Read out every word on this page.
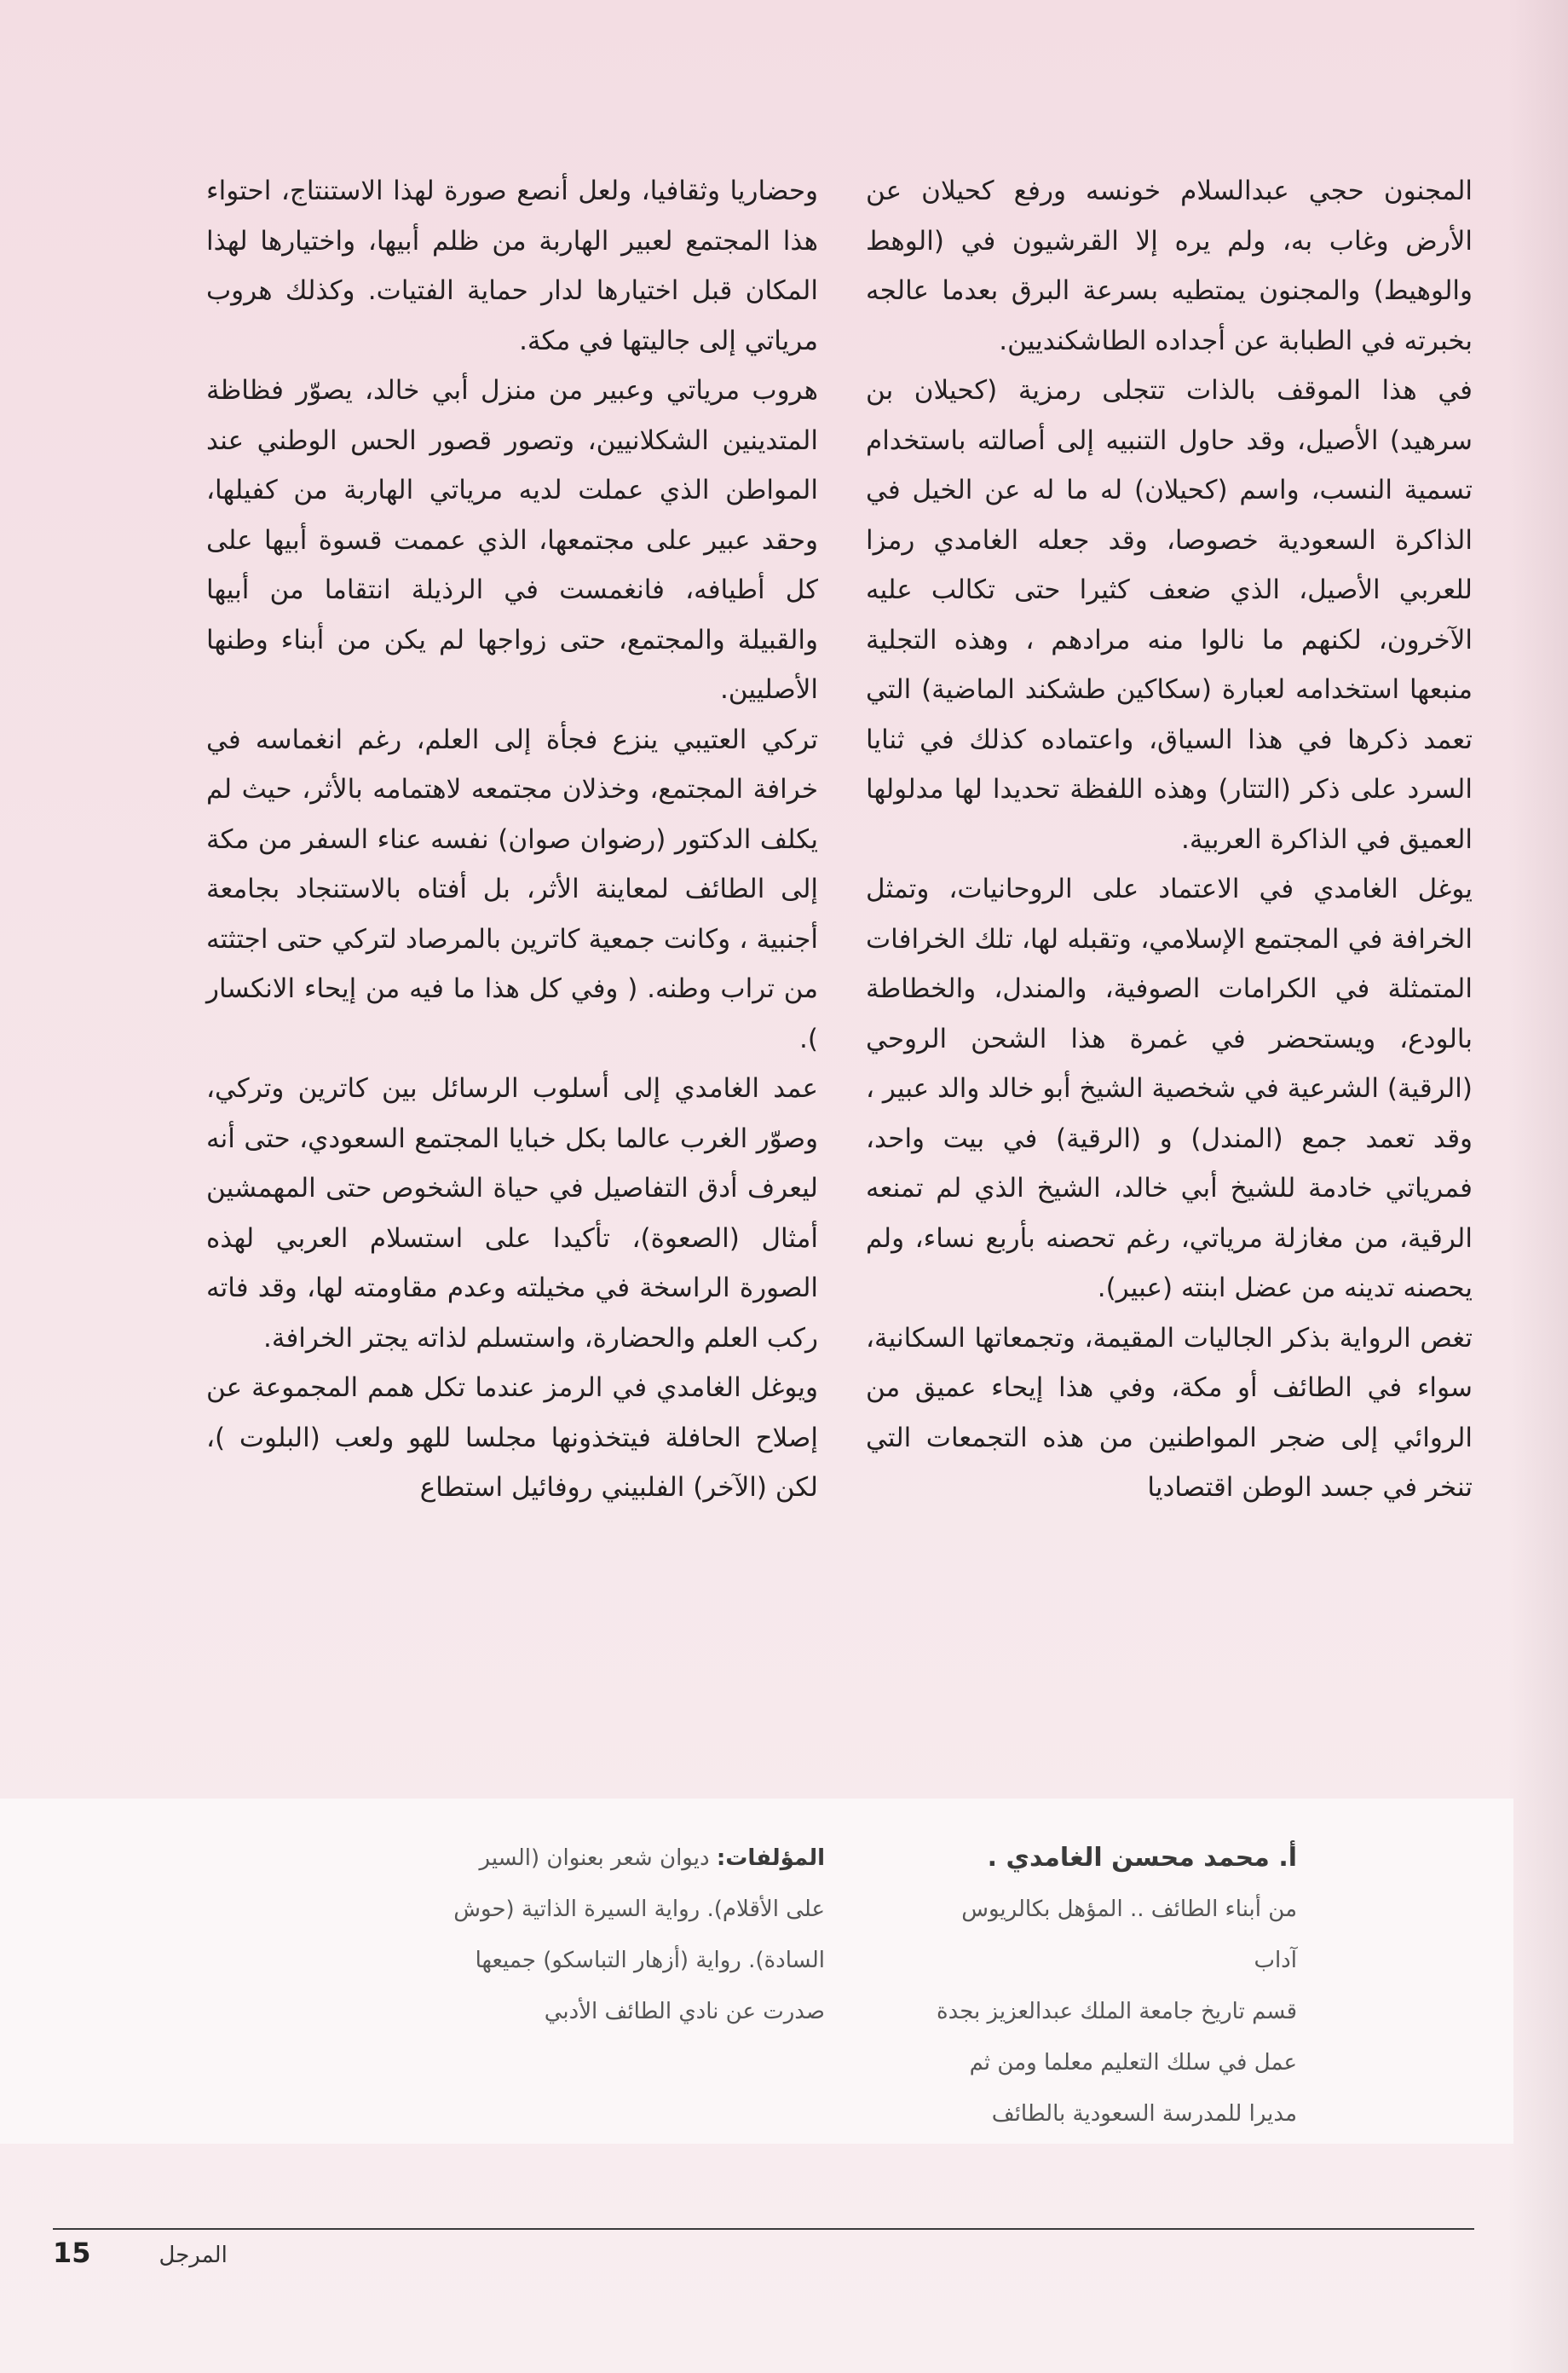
المجنون حجي عبدالسلام خونسه ورفع كحيلان عن الأرض وغاب به، ولم يره إلا القرشيون في (الوهط والوهيط) والمجنون يمتطيه بسرعة البرق بعدما عالجه بخبرته في الطبابة عن أجداده الطاشكنديين.

في هذا الموقف بالذات تتجلى رمزية (كحيلان بن سرهيد) الأصيل، وقد حاول التنبيه إلى أصالته باستخدام تسمية النسب، واسم (كحيلان) له ما له عن الخيل في الذاكرة السعودية خصوصا، وقد جعله الغامدي رمزا للعربي الأصيل، الذي ضعف كثيرا حتى تكالب عليه الآخرون، لكنهم ما نالوا منه مرادهم ، وهذه التجلية منبعها استخدامه لعبارة (سكاكين طشكند الماضية) التي تعمد ذكرها في هذا السياق، واعتماده كذلك في ثنايا السرد على ذكر (التتار) وهذه اللفظة تحديدا لها مدلولها العميق في الذاكرة العربية.

يوغل الغامدي في الاعتماد على الروحانيات، وتمثل الخرافة في المجتمع الإسلامي، وتقبله لها، تلك الخرافات المتمثلة في الكرامات الصوفية، والمندل، والخطاطة بالودع، ويستحضر في غمرة هذا الشحن الروحي (الرقية) الشرعية في شخصية الشيخ أبو خالد والد عبير ، وقد تعمد جمع (المندل) و (الرقية) في بيت واحد، فمرياتي خادمة للشيخ أبي خالد، الشيخ الذي لم تمنعه الرقية، من مغازلة مرياتي، رغم تحصنه بأربع نساء، ولم يحصنه تدينه من عضل ابنته (عبير).

تغص الرواية بذكر الجاليات المقيمة، وتجمعاتها السكانية، سواء في الطائف أو مكة، وفي هذا إيحاء عميق من الروائي إلى ضجر المواطنين من هذه التجمعات التي تنخر في جسد الوطن اقتصاديا

وحضاريا وثقافيا، ولعل أنصع صورة لهذا الاستنتاج، احتواء هذا المجتمع لعبير الهاربة من ظلم أبيها، واختيارها لهذا المكان قبل اختيارها لدار حماية الفتيات. وكذلك هروب مرياتي إلى جاليتها في مكة.

هروب مرياتي وعبير من منزل أبي خالد، يصوّر فظاظة المتدينين الشكلانيين، وتصور قصور الحس الوطني عند المواطن الذي عملت لديه مرياتي الهاربة من كفيلها، وحقد عبير على مجتمعها، الذي عممت قسوة أبيها على كل أطيافه، فانغمست في الرذيلة انتقاما من أبيها والقبيلة والمجتمع، حتى زواجها لم يكن من أبناء وطنها الأصليين.

تركي العتيبي ينزع فجأة إلى العلم، رغم انغماسه في خرافة المجتمع، وخذلان مجتمعه لاهتمامه بالأثر، حيث لم يكلف الدكتور (رضوان صوان) نفسه عناء السفر من مكة إلى الطائف لمعاينة الأثر، بل أفتاه بالاستنجاد بجامعة أجنبية ، وكانت جمعية كاترين بالمرصاد لتركي حتى اجتثته من تراب وطنه. ( وفي كل هذا ما فيه من إيحاء الانكسار ).

عمد الغامدي إلى أسلوب الرسائل بين كاترين وتركي، وصوّر الغرب عالما بكل خبايا المجتمع السعودي، حتى أنه ليعرف أدق التفاصيل في حياة الشخوص حتى المهمشين أمثال (الصعوة)، تأكيدا على استسلام العربي لهذه الصورة الراسخة في مخيلته وعدم مقاومته لها، وقد فاته ركب العلم والحضارة، واستسلم لذاته يجتر الخرافة.

ويوغل الغامدي في الرمز عندما تكل همم المجموعة عن إصلاح الحافلة فيتخذونها مجلسا للهو ولعب (البلوت )، لكن (الآخر) الفلبيني روفائيل استطاع

أ. محمد محسن الغامدي .
من أبناء الطائف .. المؤهل بكالريوس آداب
قسم تاريخ جامعة الملك عبدالعزيز بجدة
عمل في سلك التعليم معلما ومن ثم
مديرا للمدرسة السعودية بالطائف
المؤلفات: ديوان شعر بعنوان (السير
على الأقلام). رواية السيرة الذاتية (حوش
السادة). رواية (أزهار التباسكو) جميعها
صدرت عن نادي الطائف الأدبي
15	المرجل
